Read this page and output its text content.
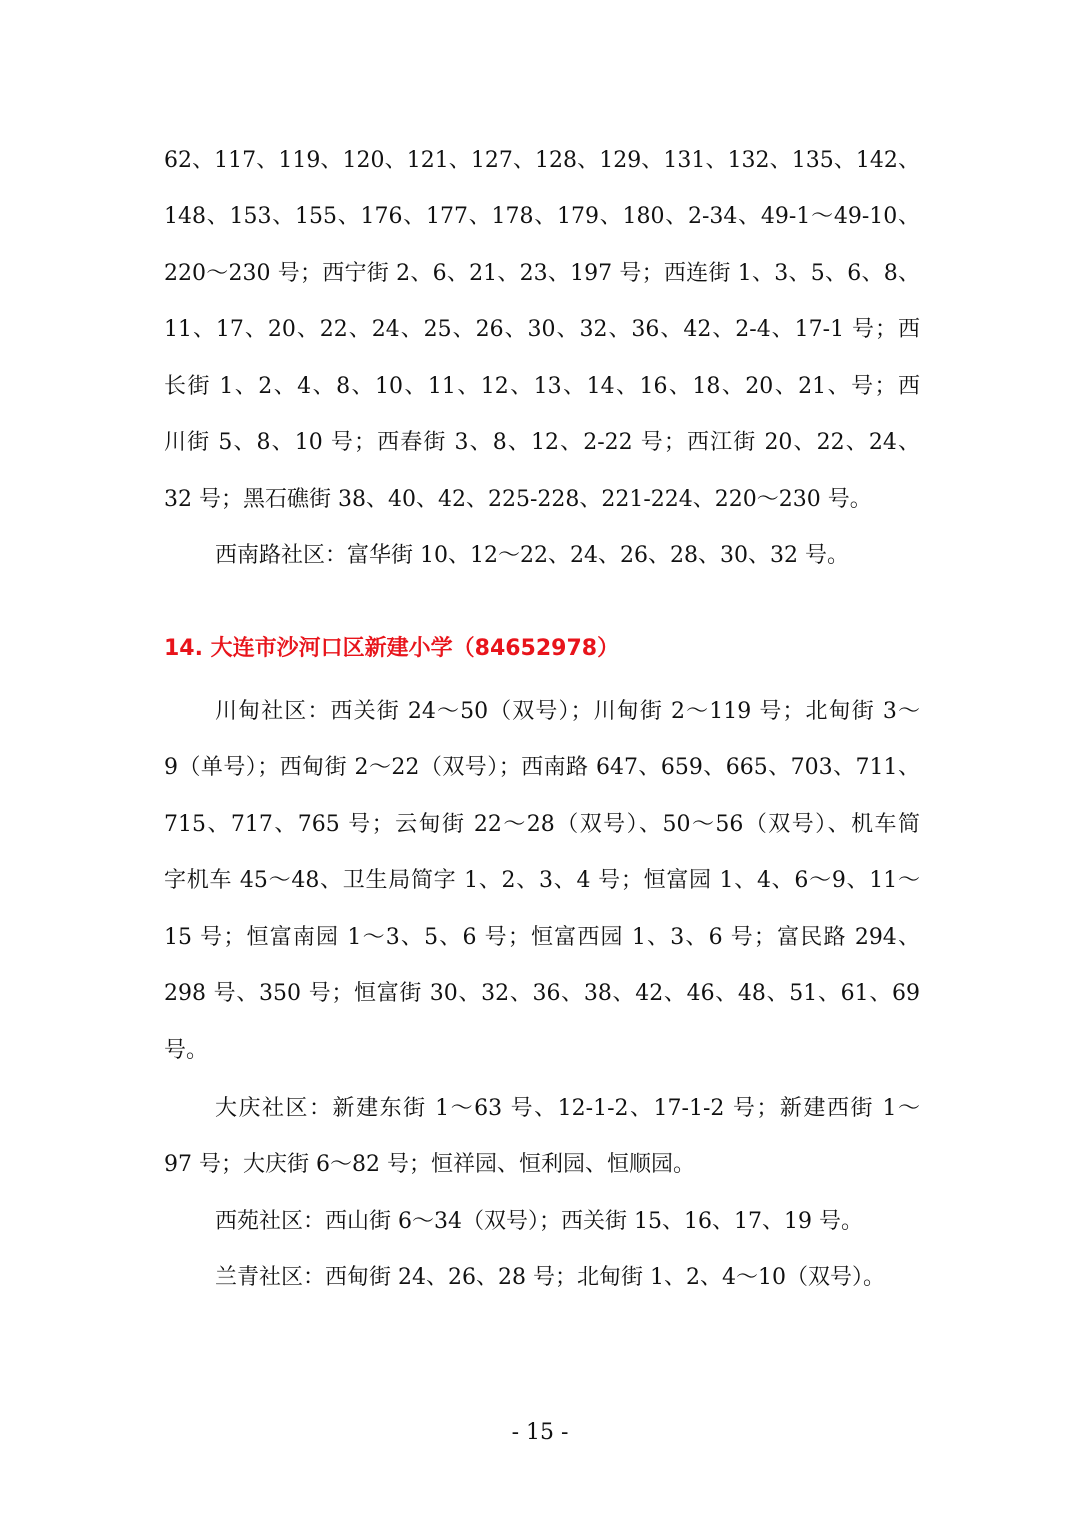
62、117、119、120、121、127、128、129、131、132、135、142、
148、153、155、176、177、178、179、180、2-34、49-1～49-10、
220～230 号；西宁街 2、6、21、23、197 号；西连街 1、3、5、6、8、
11、17、20、22、24、25、26、30、32、36、42、2-4、17-1 号；西
长街 1、2、4、8、10、11、12、13、14、16、18、20、21、号；西
川街 5、8、10 号；西春街 3、8、12、2-22 号；西江街 20、22、24、
32 号；黑石礁街 38、40、42、225-228、221-224、220～230 号。
西南路社区：富华街 10、12～22、24、26、28、30、32 号。
14. 大连市沙河口区新建小学（84652978）
川甸社区：西关街 24～50（双号）；川甸街 2～119 号；北甸街 3～
9（单号）；西甸街 2～22（双号）；西南路 647、659、665、703、711、
715、717、765 号；云甸街 22～28（双号）、50～56（双号）、机车简
字机车 45～48、卫生局简字 1、2、3、4 号；恒富园 1、4、6～9、11～
15 号；恒富南园 1～3、5、6 号；恒富西园 1、3、6 号；富民路 294、
298 号、350 号；恒富街 30、32、36、38、42、46、48、51、61、69
号。
大庆社区：新建东街 1～63 号、12-1-2、17-1-2 号；新建西街 1～
97 号；大庆街 6～82 号；恒祥园、恒利园、恒顺园。
西苑社区：西山街 6～34（双号）；西关街 15、16、17、19 号。
兰青社区：西甸街 24、26、28 号；北甸街 1、2、4～10（双号）。
- 15 -
